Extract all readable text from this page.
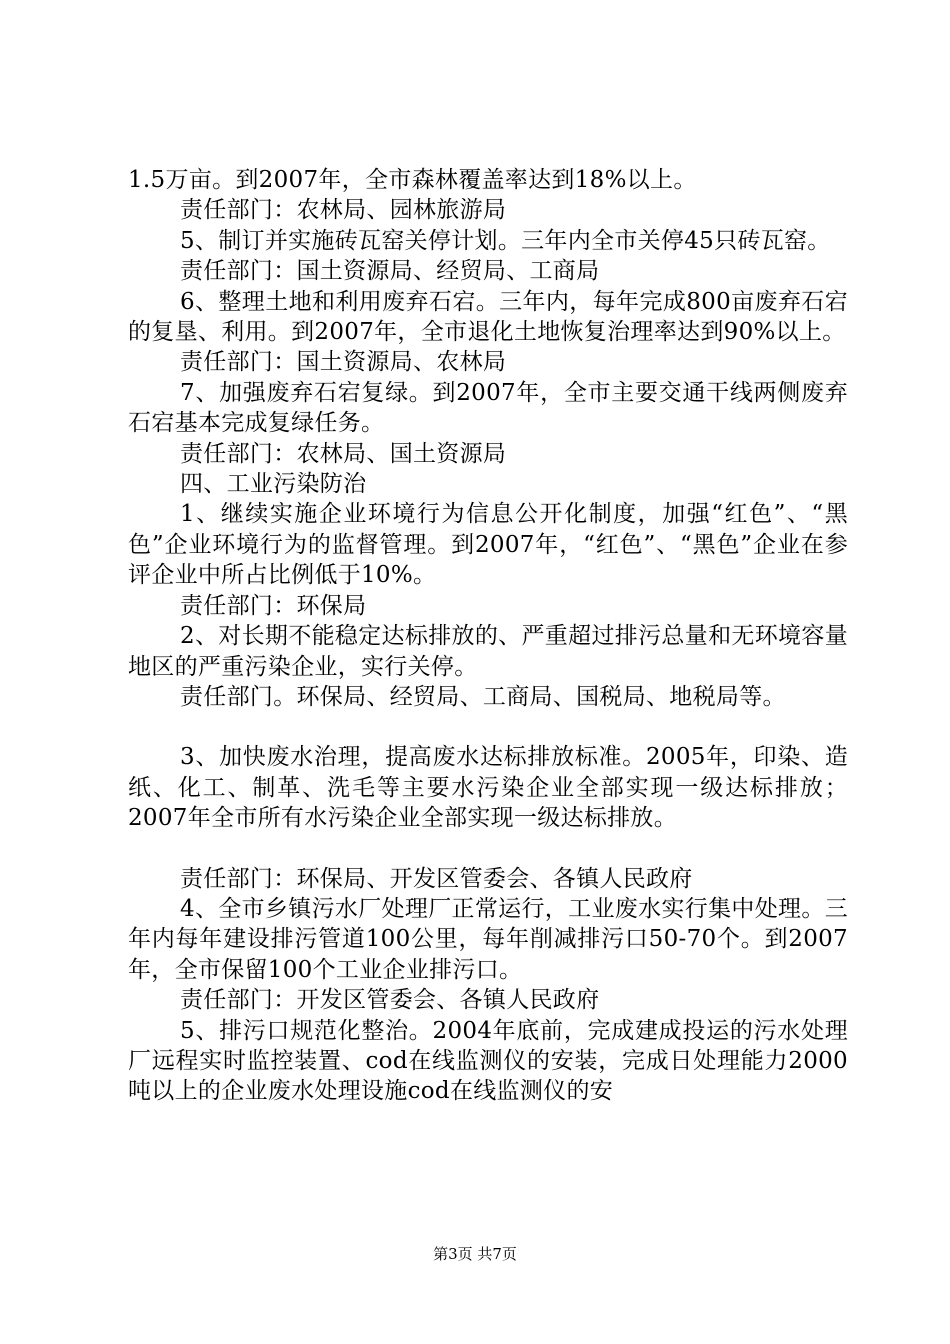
1.5万亩。到2007年，全市森林覆盖率达到18%以上。

责任部门：农林局、园林旅游局

5、制订并实施砖瓦窑关停计划。三年内全市关停45只砖瓦窑。

责任部门：国土资源局、经贸局、工商局

6、整理土地和利用废弃石宕。三年内，每年完成800亩废弃石宕的复垦、利用。到2007年，全市退化土地恢复治理率达到90%以上。

责任部门：国土资源局、农林局

7、加强废弃石宕复绿。到2007年，全市主要交通干线两侧废弃石宕基本完成复绿任务。

责任部门：农林局、国土资源局

四、工业污染防治

1、继续实施企业环境行为信息公开化制度，加强“红色”、“黑色”企业环境行为的监督管理。到2007年，“红色”、“黑色”企业在参评企业中所占比例低于10%。

责任部门：环保局

2、对长期不能稳定达标排放的、严重超过排污总量和无环境容量地区的严重污染企业，实行关停。

责任部门。环保局、经贸局、工商局、国税局、地税局等。

3、加快废水治理，提高废水达标排放标准。2005年，印染、造纸、化工、制革、洗毛等主要水污染企业全部实现一级达标排放；2007年全市所有水污染企业全部实现一级达标排放。

责任部门：环保局、开发区管委会、各镇人民政府

4、全市乡镇污水厂处理厂正常运行，工业废水实行集中处理。三年内每年建设排污管道100公里，每年削减排污口50-70个。到2007年，全市保留100个工业企业排污口。

责任部门：开发区管委会、各镇人民政府

5、排污口规范化整治。2004年底前，完成建成投运的污水处理厂远程实时监控装置、cod在线监测仪的安装，完成日处理能力2000吨以上的企业废水处理设施cod在线监测仪的安

第3页 共7页
